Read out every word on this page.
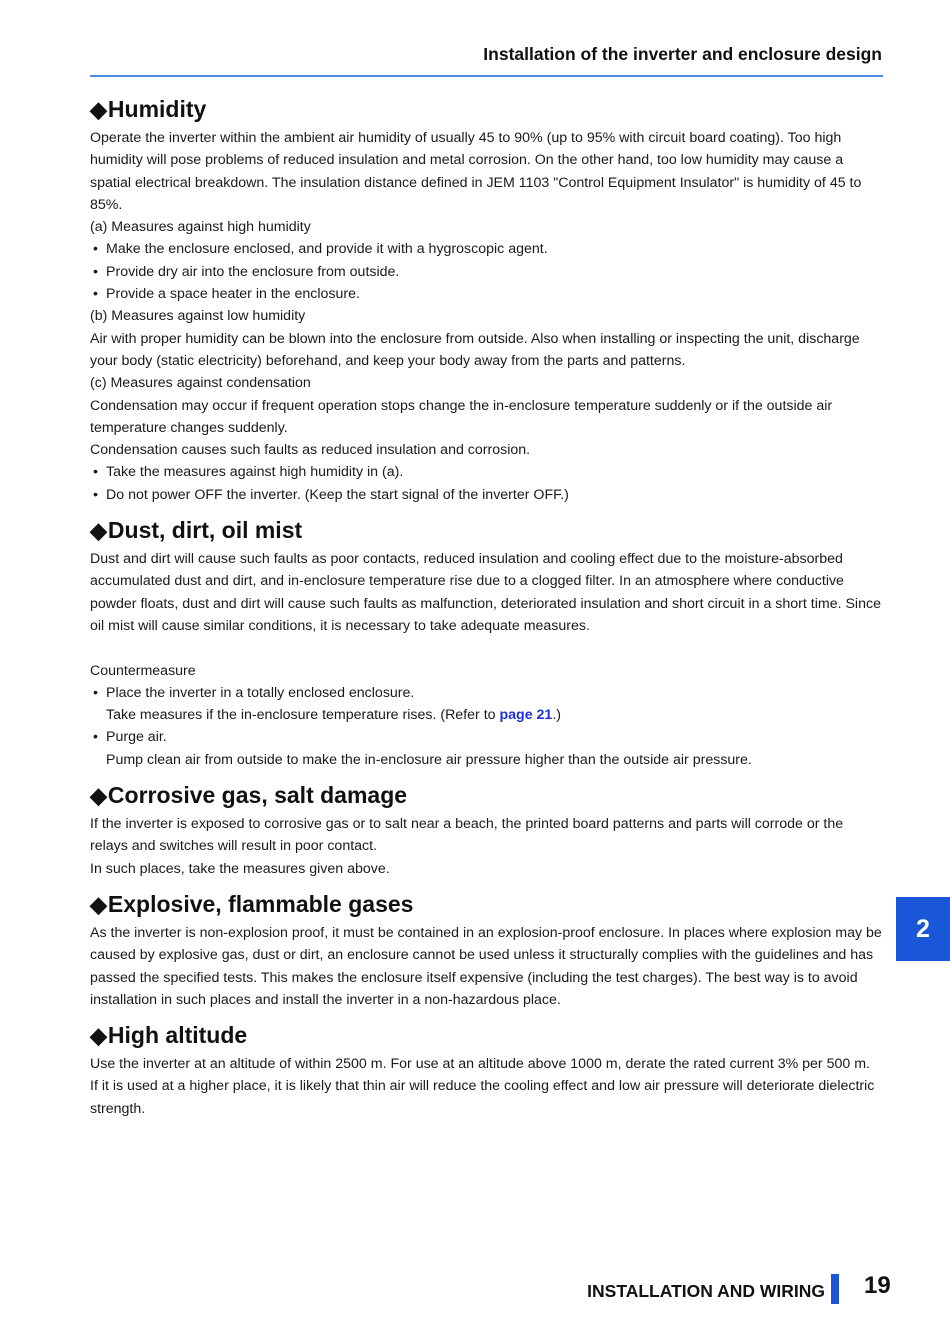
Installation of the inverter and enclosure design
◆Humidity

Operate the inverter within the ambient air humidity of usually 45 to 90% (up to 95% with circuit board coating). Too high humidity will pose problems of reduced insulation and metal corrosion. On the other hand, too low humidity may cause a spatial electrical breakdown. The insulation distance defined in JEM 1103 "Control Equipment Insulator" is humidity of 45 to 85%.

(a) Measures against high humidity

• Make the enclosure enclosed, and provide it with a hygroscopic agent.

• Provide dry air into the enclosure from outside.

• Provide a space heater in the enclosure.

(b) Measures against low humidity

Air with proper humidity can be blown into the enclosure from outside. Also when installing or inspecting the unit, discharge your body (static electricity) beforehand, and keep your body away from the parts and patterns.

(c) Measures against condensation

Condensation may occur if frequent operation stops change the in-enclosure temperature suddenly or if the outside air temperature changes suddenly.

Condensation causes such faults as reduced insulation and corrosion.

• Take the measures against high humidity in (a).

• Do not power OFF the inverter. (Keep the start signal of the inverter OFF.)

◆Dust, dirt, oil mist

Dust and dirt will cause such faults as poor contacts, reduced insulation and cooling effect due to the moisture-absorbed accumulated dust and dirt, and in-enclosure temperature rise due to a clogged filter. In an atmosphere where conductive powder floats, dust and dirt will cause such faults as malfunction, deteriorated insulation and short circuit in a short time. Since oil mist will cause similar conditions, it is necessary to take adequate measures.

Countermeasure

• Place the inverter in a totally enclosed enclosure.

Take measures if the in-enclosure temperature rises. (Refer to page 21.)

• Purge air.

Pump clean air from outside to make the in-enclosure air pressure higher than the outside air pressure.

◆Corrosive gas, salt damage

If the inverter is exposed to corrosive gas or to salt near a beach, the printed board patterns and parts will corrode or the relays and switches will result in poor contact.

In such places, take the measures given above.

◆Explosive, flammable gases

As the inverter is non-explosion proof, it must be contained in an explosion-proof enclosure. In places where explosion may be caused by explosive gas, dust or dirt, an enclosure cannot be used unless it structurally complies with the guidelines and has passed the specified tests. This makes the enclosure itself expensive (including the test charges). The best way is to avoid installation in such places and install the inverter in a non-hazardous place.

◆High altitude

Use the inverter at an altitude of within 2500 m. For use at an altitude above 1000 m, derate the rated current 3% per 500 m.

If it is used at a higher place, it is likely that thin air will reduce the cooling effect and low air pressure will deteriorate dielectric strength.

2
INSTALLATION AND WIRING 19
